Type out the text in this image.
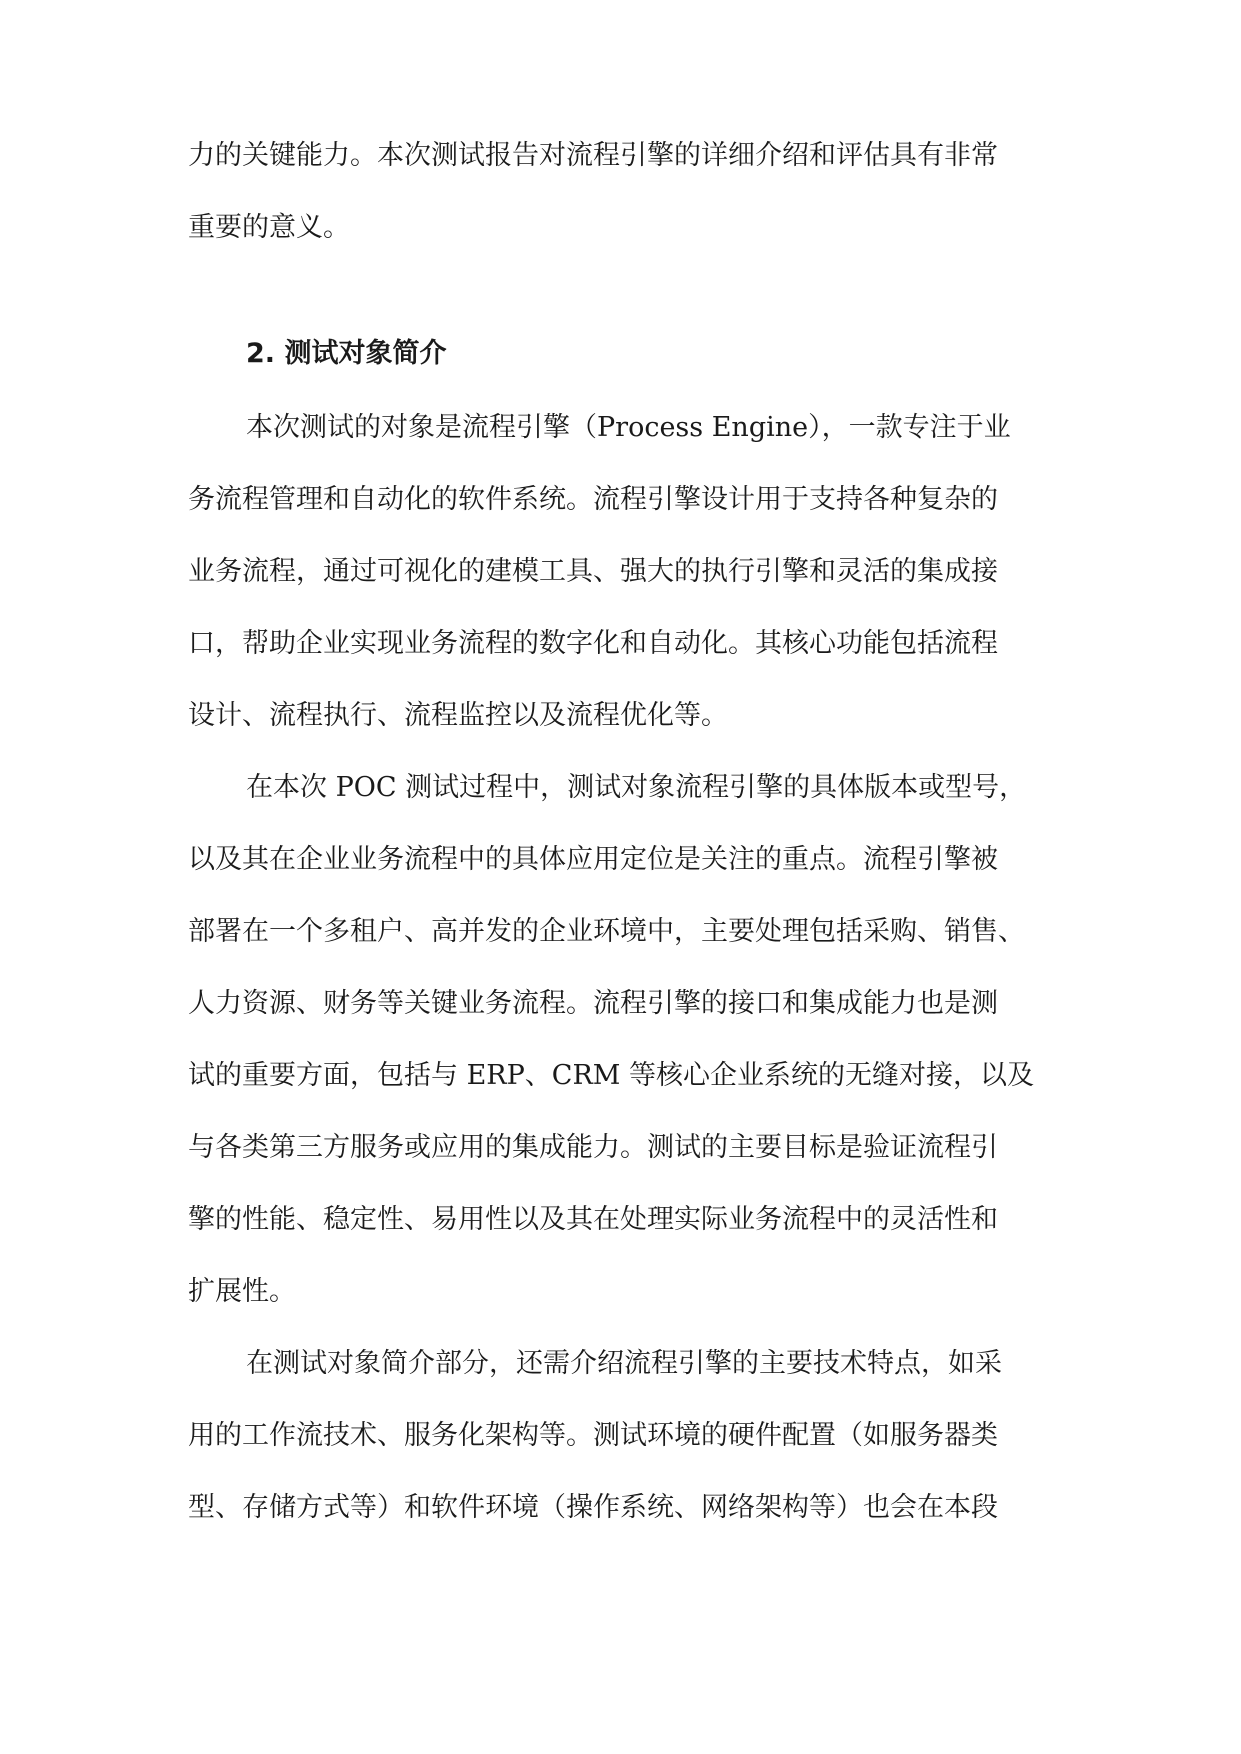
力的关键能力。本次测试报告对流程引擎的详细介绍和评估具有非常
重要的意义。
2. 测试对象简介
本次测试的对象是流程引擎（Process Engine），一款专注于业
务流程管理和自动化的软件系统。流程引擎设计用于支持各种复杂的
业务流程，通过可视化的建模工具、强大的执行引擎和灵活的集成接
口，帮助企业实现业务流程的数字化和自动化。其核心功能包括流程
设计、流程执行、流程监控以及流程优化等。
在本次 POC 测试过程中，测试对象流程引擎的具体版本或型号，
以及其在企业业务流程中的具体应用定位是关注的重点。流程引擎被
部署在一个多租户、高并发的企业环境中，主要处理包括采购、销售、
人力资源、财务等关键业务流程。流程引擎的接口和集成能力也是测
试的重要方面，包括与 ERP、CRM 等核心企业系统的无缝对接，以及
与各类第三方服务或应用的集成能力。测试的主要目标是验证流程引
擎的性能、稳定性、易用性以及其在处理实际业务流程中的灵活性和
扩展性。
在测试对象简介部分，还需介绍流程引擎的主要技术特点，如采
用的工作流技术、服务化架构等。测试环境的硬件配置（如服务器类
型、存储方式等）和软件环境（操作系统、网络架构等）也会在本段
